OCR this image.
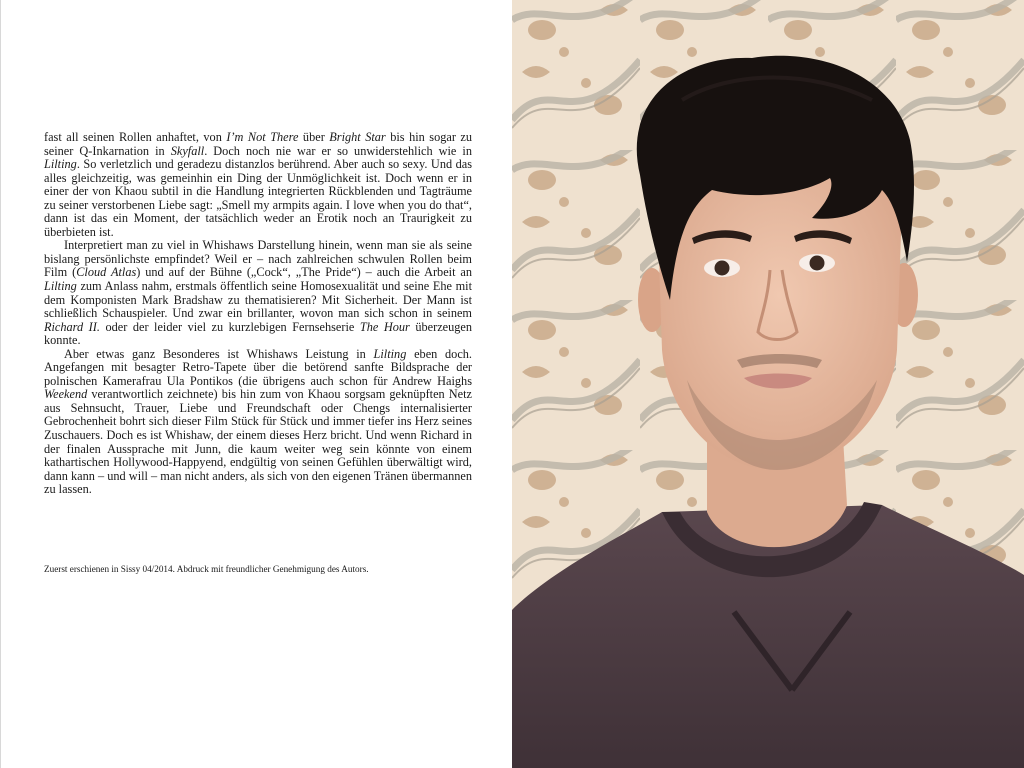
fast all seinen Rollen anhaftet, von I’m Not There über Bright Star bis hin sogar zu seiner Q-Inkarnation in Skyfall. Doch noch nie war er so unwiderstehlich wie in Lilting. So verletzlich und geradezu distanzlos berührend. Aber auch so sexy. Und das alles gleichzeitig, was gemeinhin ein Ding der Unmöglichkeit ist. Doch wenn er in einer der von Khaou subtil in die Handlung integrierten Rückblenden und Tagträume zu seiner verstorbenen Liebe sagt: „Smell my armpits again. I love when you do that“, dann ist das ein Moment, der tatsächlich weder an Erotik noch an Traurigkeit zu überbieten ist.

Interpretiert man zu viel in Whishaws Darstellung hinein, wenn man sie als seine bislang persönlichste empfindet? Weil er – nach zahlreichen schwulen Rollen beim Film (Cloud Atlas) und auf der Bühne („Cock“, „The Pride“) – auch die Arbeit an Lilting zum Anlass nahm, erstmals öffentlich seine Homosexualität und seine Ehe mit dem Komponisten Mark Bradshaw zu thematisieren? Mit Sicherheit. Der Mann ist schließlich Schauspieler. Und zwar ein brillanter, wovon man sich schon in seinem Richard II. oder der leider viel zu kurzlebigen Fernsehserie The Hour überzeugen konnte.

Aber etwas ganz Besonderes ist Whishaws Leistung in Lilting eben doch. Angefangen mit besagter Retro-Tapete über die betörend sanfte Bildsprache der polnischen Kamerafrau Ula Pontikos (die übrigens auch schon für Andrew Haighs Weekend verantwortlich zeichnete) bis hin zum von Khaou sorgsam geknüpften Netz aus Sehnsucht, Trauer, Liebe und Freundschaft oder Chengs internalisierter Gebrochenheit bohrt sich dieser Film Stück für Stück und immer tiefer ins Herz seines Zuschauers. Doch es ist Whishaw, der einem dieses Herz bricht. Und wenn Richard in der finalen Aussprache mit Junn, die kaum weiter weg sein könnte von einem kathartischen Hollywood-Happyend, endgültig von seinen Gefühlen überwältigt wird, dann kann – und will – man nicht anders, als sich von den eigenen Tränen übermannen zu lassen.

Zuerst erschienen in Sissy 04/2014. Abdruck mit freundlicher Genehmigung des Autors.
